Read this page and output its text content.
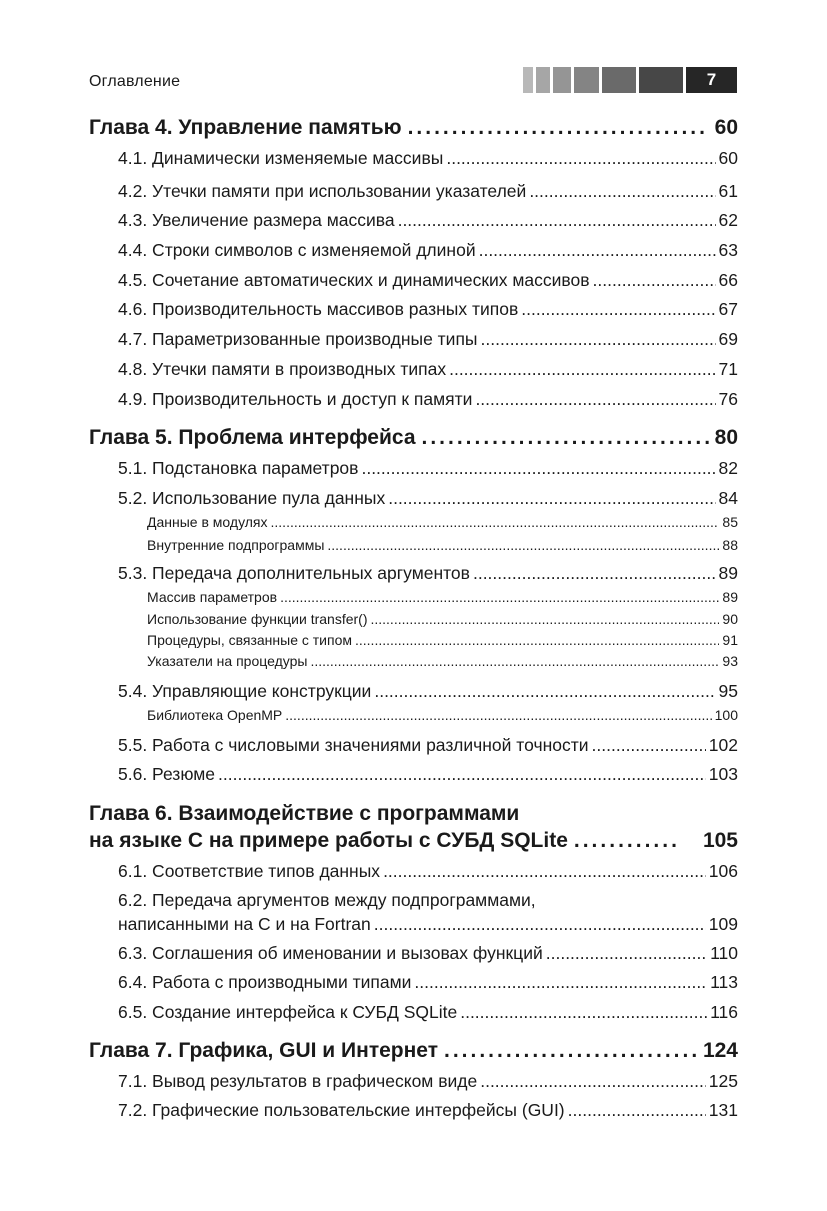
Оглавление	7
Глава 4. Управление памятью .....	60
4.1. Динамически изменяемые массивы .....	60
4.2. Утечки памяти при использовании указателей .....	61
4.3. Увеличение размера массива .....	62
4.4. Строки символов с изменяемой длиной .....	63
4.5. Сочетание автоматических и динамических массивов .....	66
4.6. Производительность массивов разных типов .....	67
4.7. Параметризованные производные типы .....	69
4.8. Утечки памяти в производных типах .....	71
4.9. Производительность и доступ к памяти .....	76
Глава 5. Проблема интерфейса .....	80
5.1. Подстановка параметров .....	82
5.2. Использование пула данных .....	84
Данные в модулях .....	85
Внутренние подпрограммы .....	88
5.3. Передача дополнительных аргументов .....	89
Массив параметров .....	89
Использование функции transfer() .....	90
Процедуры, связанные с типом .....	91
Указатели на процедуры .....	93
5.4. Управляющие конструкции .....	95
Библиотека OpenMP .....	100
5.5. Работа с числовыми значениями различной точности .....	102
5.6. Резюме .....	103
Глава 6. Взаимодействие с программами
на языке C на примере работы с СУБД SQLite .....	105
6.1. Соответствие типов данных .....	106
6.2. Передача аргументов между подпрограммами,
написанными на C и на Fortran .....	109
6.3. Соглашения об именовании и вызовах функций .....	110
6.4. Работа с производными типами .....	113
6.5. Создание интерфейса к СУБД SQLite .....	116
Глава 7. Графика, GUI и Интернет .....	124
7.1. Вывод результатов в графическом виде .....	125
7.2. Графические пользовательские интерфейсы (GUI) .....	131
